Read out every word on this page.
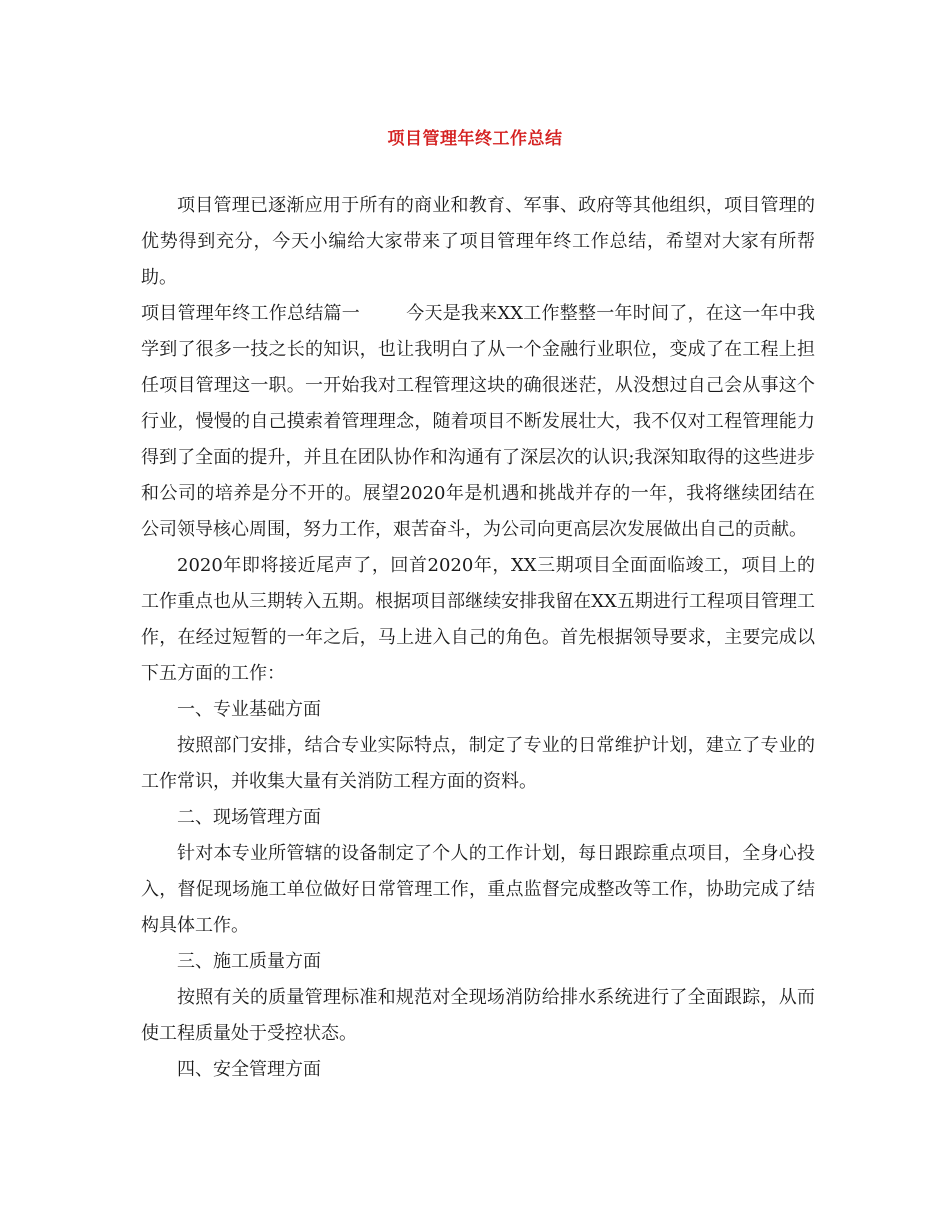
项目管理年终工作总结

项目管理已逐渐应用于所有的商业和教育、军事、政府等其他组织，项目管理的优势得到充分，今天小编给大家带来了项目管理年终工作总结，希望对大家有所帮助。

项目管理年终工作总结篇一	今天是我来XX工作整整一年时间了，在这一年中我学到了很多一技之长的知识，也让我明白了从一个金融行业职位，变成了在工程上担任项目管理这一职。一开始我对工程管理这块的确很迷茫，从没想过自己会从事这个行业，慢慢的自己摸索着管理理念，随着项目不断发展壮大，我不仅对工程管理能力得到了全面的提升，并且在团队协作和沟通有了深层次的认识;我深知取得的这些进步和公司的培养是分不开的。展望2020年是机遇和挑战并存的一年，我将继续团结在公司领导核心周围，努力工作，艰苦奋斗，为公司向更高层次发展做出自己的贡献。

2020年即将接近尾声了，回首2020年，XX三期项目全面面临竣工，项目上的工作重点也从三期转入五期。根据项目部继续安排我留在XX五期进行工程项目管理工作，在经过短暂的一年之后，马上进入自己的角色。首先根据领导要求，主要完成以下五方面的工作：

一、专业基础方面

按照部门安排，结合专业实际特点，制定了专业的日常维护计划，建立了专业的工作常识，并收集大量有关消防工程方面的资料。

二、现场管理方面

针对本专业所管辖的设备制定了个人的工作计划，每日跟踪重点项目，全身心投入，督促现场施工单位做好日常管理工作，重点监督完成整改等工作，协助完成了结构具体工作。

三、施工质量方面

按照有关的质量管理标准和规范对全现场消防给排水系统进行了全面跟踪，从而使工程质量处于受控状态。

四、安全管理方面
